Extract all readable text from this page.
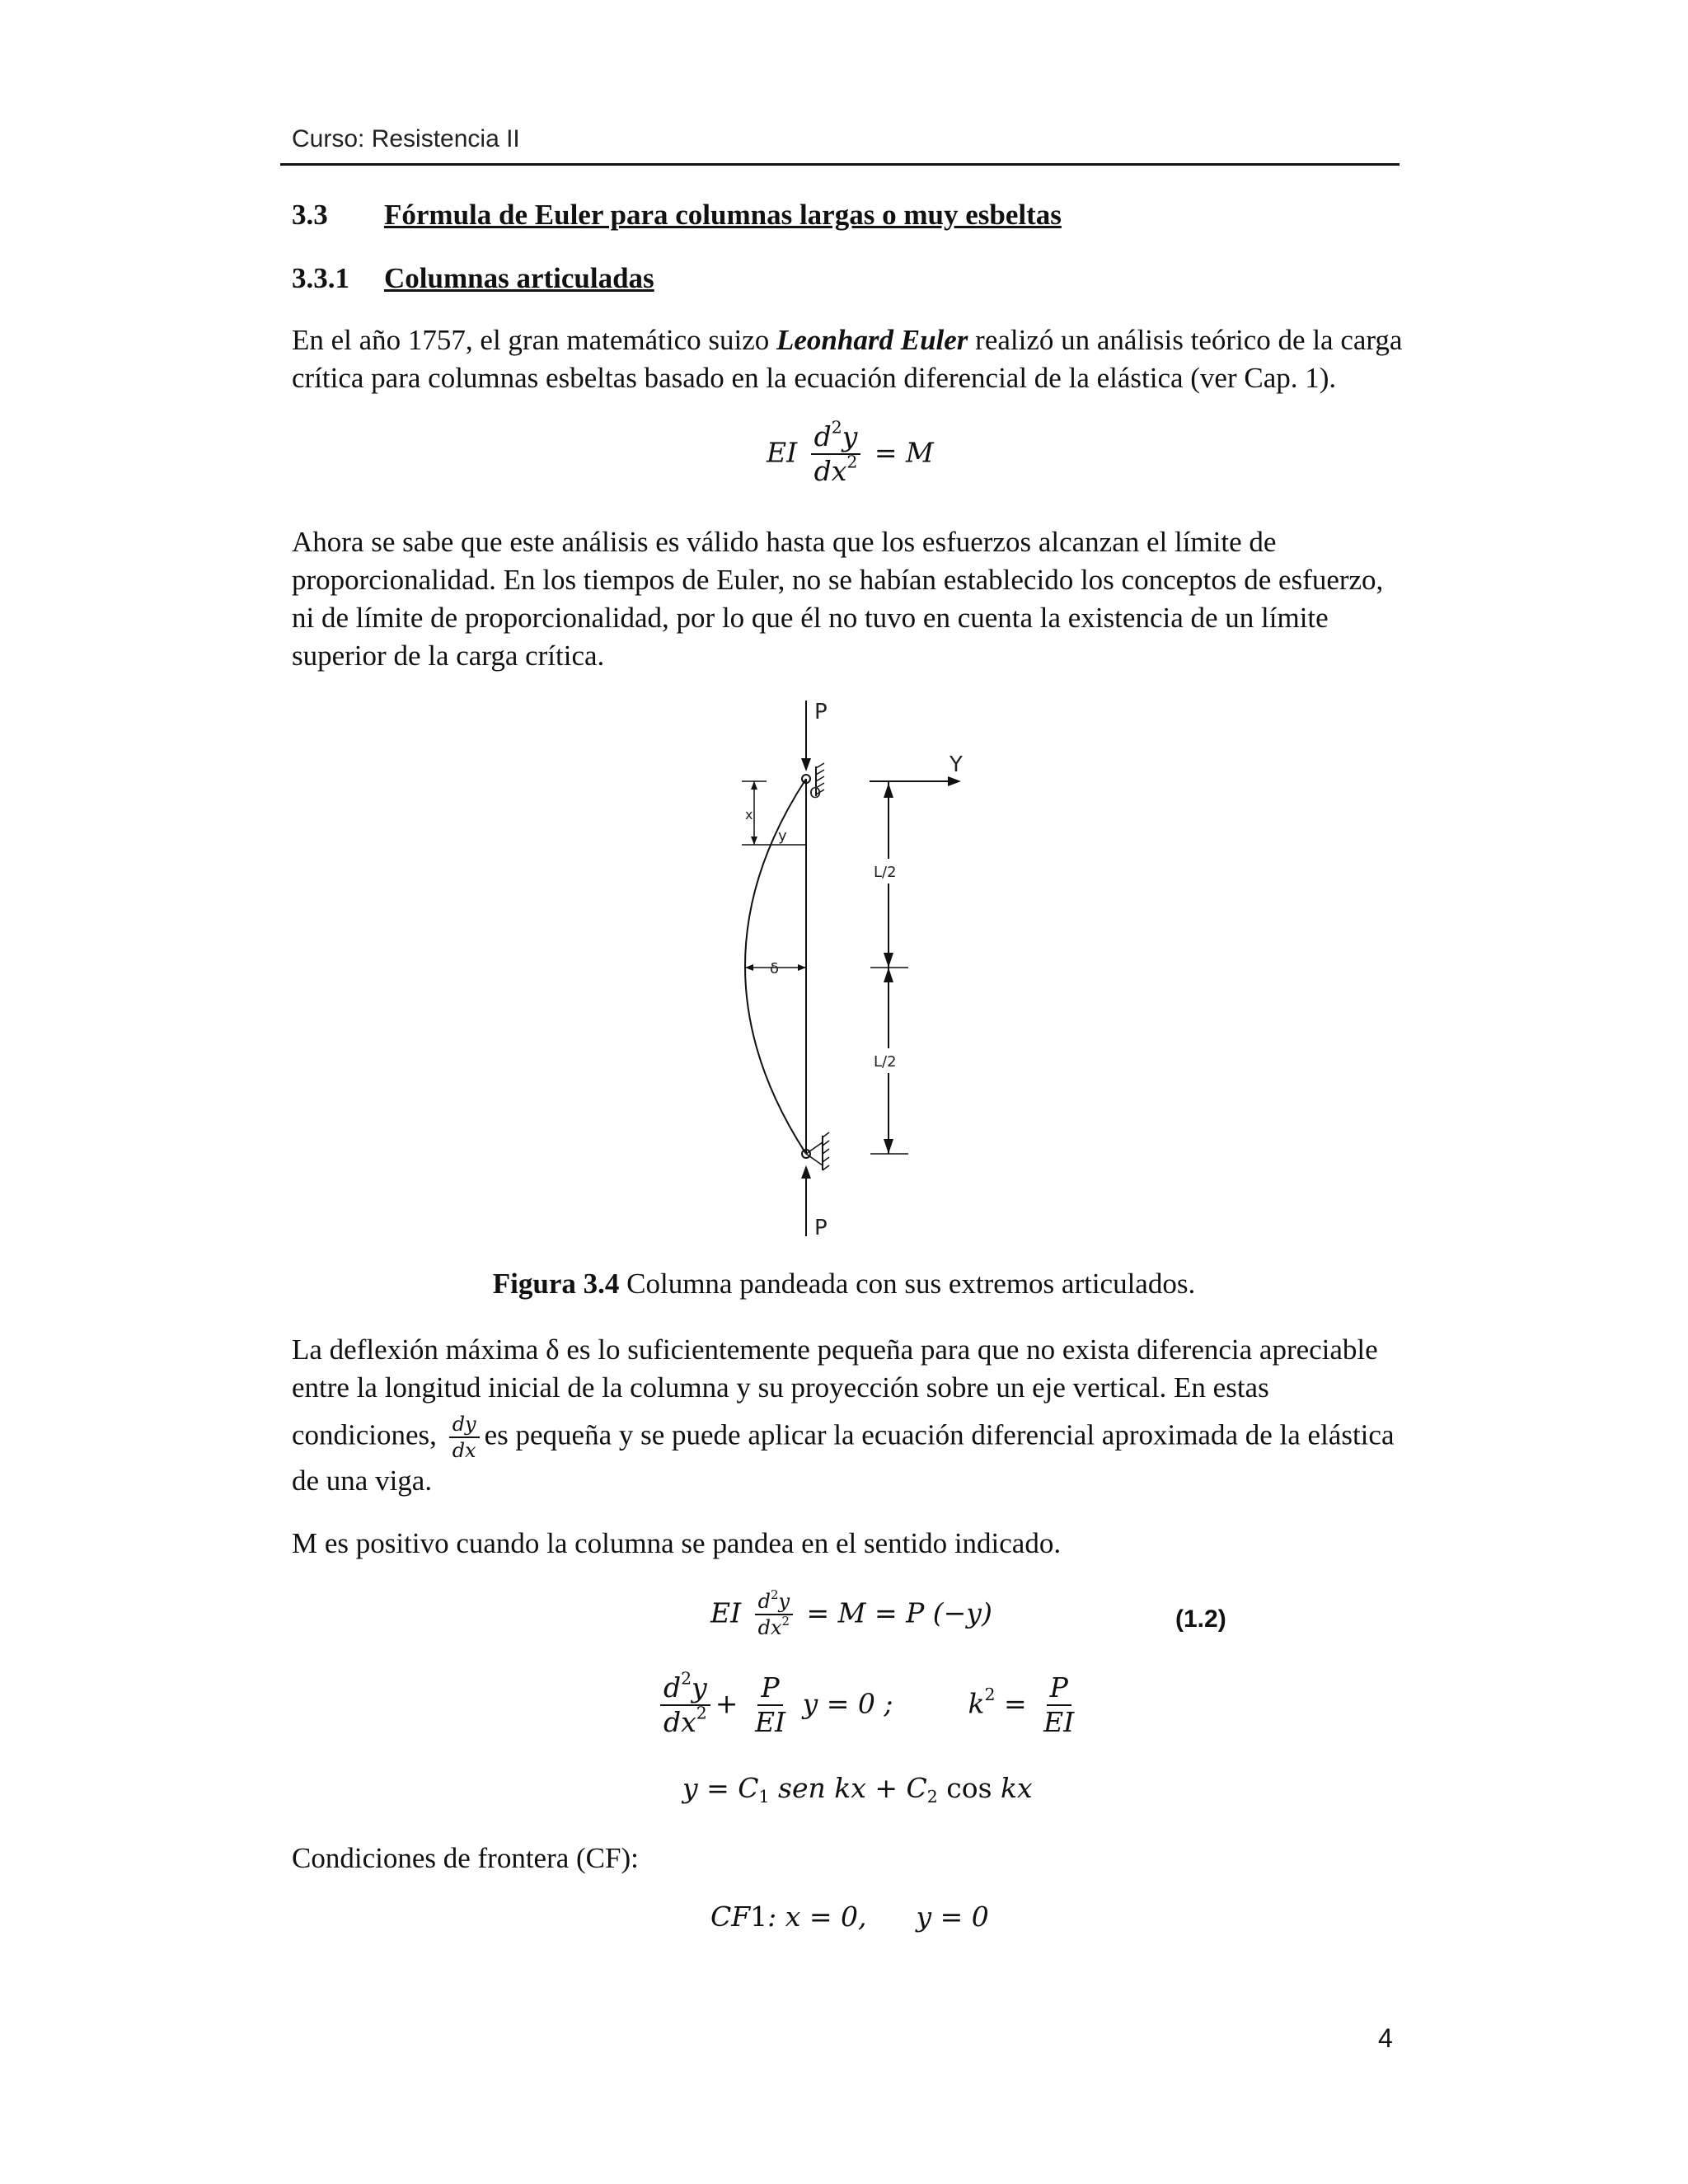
Curso: Resistencia II
3.3 Fórmula de Euler para columnas largas o muy esbeltas
3.3.1 Columnas articuladas
En el año 1757, el gran matemático suizo Leonhard Euler realizó un análisis teórico de la carga
crítica para columnas esbeltas basado en la ecuación diferencial de la elástica (ver Cap. 1).
EI $\frac{d^2y}{dx^2} = M$
Ahora se sabe que este análisis es válido hasta que los esfuerzos alcanzan el límite de
proporcionalidad. En los tiempos de Euler, no se habían establecido los conceptos de esfuerzo,
ni de límite de proporcionalidad, por lo que él no tuvo en cuenta la existencia de un límite
superior de la carga crítica.
P
O
P
Y
x
y
δ
L/2
L/2
Figura 3.4 Columna pandeada con sus extremos articulados.
La deflexión máxima δ es lo suficientemente pequeña para que no exista diferencia apreciable
entre la longitud inicial de la columna y su proyección sobre un eje vertical. En estas
condiciones, $\frac{dy}{dx}$ es pequeña y se puede aplicar la ecuación diferencial aproximada de la elástica
de una viga.
M es positivo cuando la columna se pandea en el sentido indicado.
EI $\frac{d^2y}{dx^2} = M = P$ (−y)	(1.2)
$\frac{d^2y}{dx^2} + \frac{P}{EI}$ y = 0 ;	$k^2 = \frac{P}{EI}$
$y = C_1$ sen kx + $C_2$ cos kx
Condiciones de frontera (CF):
CF1: x = 0, y = 0
4
